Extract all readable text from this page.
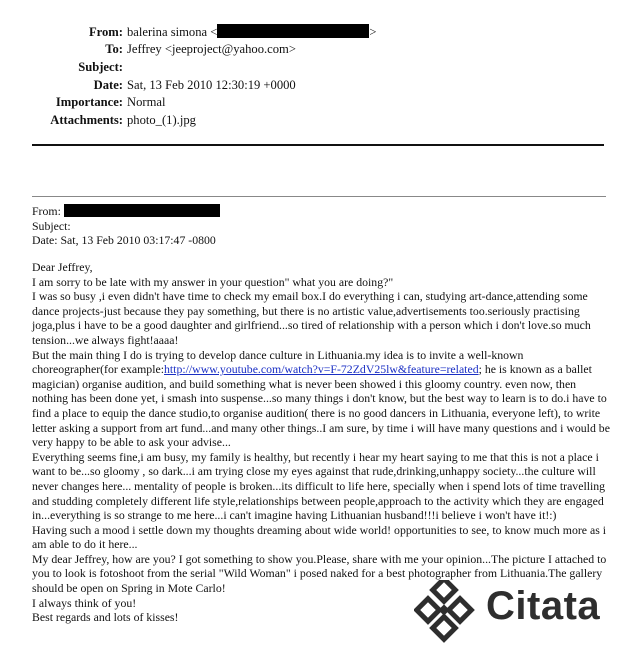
From: balerina simona <	>
To: Jeffrey <jeeproject@yahoo.com>
Subject:
Date: Sat, 13 Feb 2010 12:30:19 +0000
Importance: Normal
Attachments: photo_(1).jpg
From:
Subject:
Date: Sat, 13 Feb 2010 03:17:47 -0800

Dear Jeffrey,
I am sorry to be late with my answer in your question" what you are doing?"
I was so busy ,i even didn't have time to check my email box.I do everything i can, studying art-dance,attending some dance projects-just because they pay something, but there is no artistic value,advertisements too.seriously practising joga,plus i have to be a good daughter and girlfriend...so tired of relationship with a person which i don't love.so much tension...we always fight!aaaa!

But the main thing I do is trying to develop dance culture in Lithuania.my idea is to invite a well-known choreographer(for example:http://www.youtube.com/watch?v=F-72ZdV25lw&feature=related; he is known as a ballet magician) organise audition, and build something what is never been showed i this gloomy country. even now, then nothing has been done yet, i smash into suspense...so many things i don't know, but the best way to learn is to do.i have to find a place to equip the dance studio,to organise audition( there is no good dancers in Lithuania, everyone left), to write letter asking a support from art fund...and many other things..I am sure, by time i will have many questions and i would be very happy to be able to ask your advise...

Everything seems fine,i am busy, my family is healthy, but recently i hear my heart saying to me that this is not a place i want to be...so gloomy , so dark...i am trying close my eyes against that rude,drinking,unhappy society...the culture will never changes here... mentality of people is broken...its difficult to life here, specially when i spend lots of time travelling and studding completely different life style,relationships between people,approach to the activity which they are engaged in...everything is so strange to me here...i can't imagine having Lithuanian husband!!!i believe i won't have it!:)

Having such a mood i settle down my thoughts dreaming about wide world! opportunities to see, to know much more as i am able to do it here...

My dear Jeffrey, how are you? I got something to show you.Please, share with me your opinion...The picture I attached to you to look is fotoshoot from the serial "Wild Woman" i posed naked for a best photographer from Lithuania.The gallery should be open on Spring in Mote Carlo!

I always think of you!
Best regards and lots of kisses!	Citata
